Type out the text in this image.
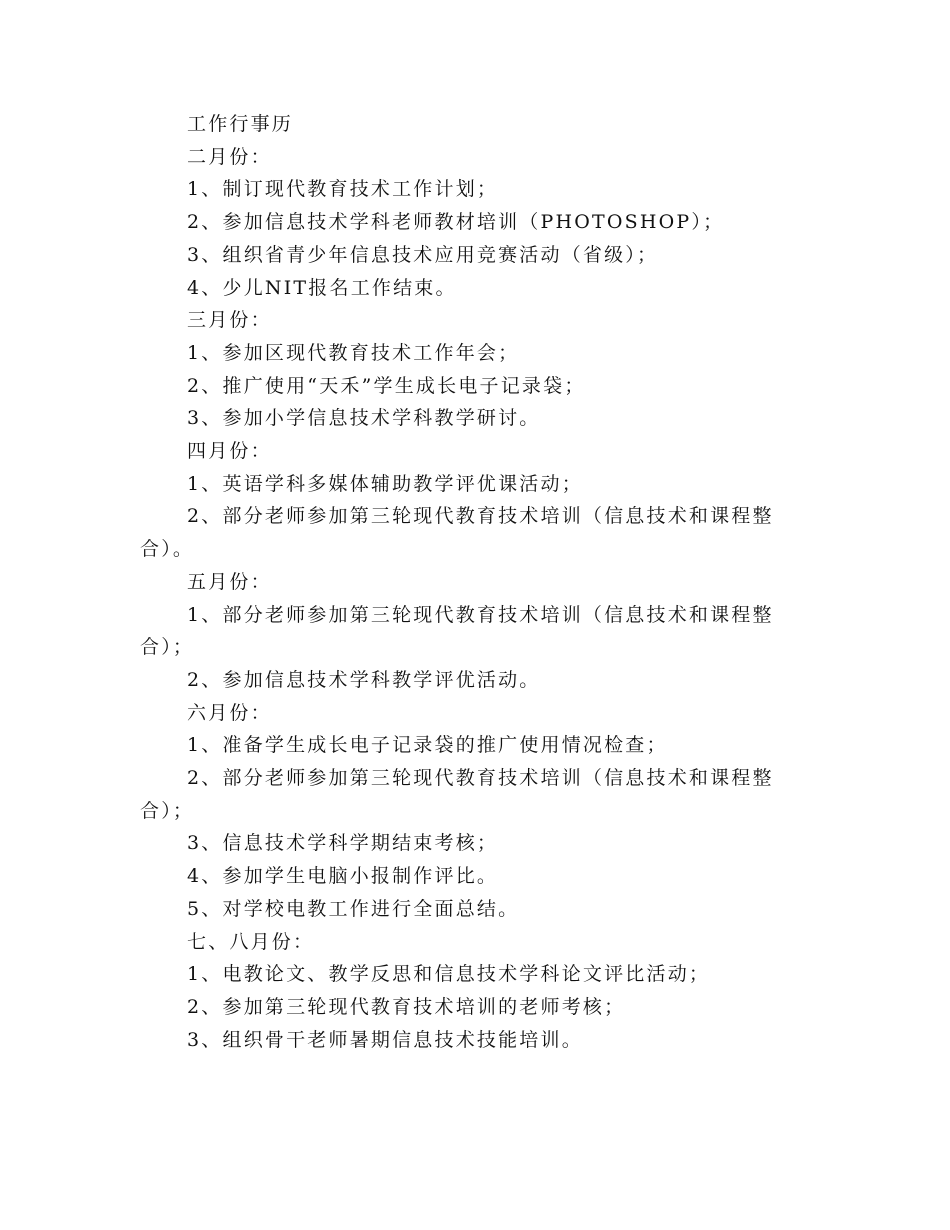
工作行事历

二月份：

1、制订现代教育技术工作计划；

2、参加信息技术学科老师教材培训（PHOTOSHOP）；

3、组织省青少年信息技术应用竞赛活动（省级）；

4、少儿NIT报名工作结束。

三月份：

1、参加区现代教育技术工作年会；

2、推广使用“天禾”学生成长电子记录袋；

3、参加小学信息技术学科教学研讨。

四月份：

1、英语学科多媒体辅助教学评优课活动；

2、部分老师参加第三轮现代教育技术培训（信息技术和课程整合）。

五月份：

1、部分老师参加第三轮现代教育技术培训（信息技术和课程整合）；

2、参加信息技术学科教学评优活动。

六月份：

1、准备学生成长电子记录袋的推广使用情况检查；

2、部分老师参加第三轮现代教育技术培训（信息技术和课程整合）；

3、信息技术学科学期结束考核；

4、参加学生电脑小报制作评比。

5、对学校电教工作进行全面总结。

七、八月份：

1、电教论文、教学反思和信息技术学科论文评比活动；

2、参加第三轮现代教育技术培训的老师考核；

3、组织骨干老师暑期信息技术技能培训。
